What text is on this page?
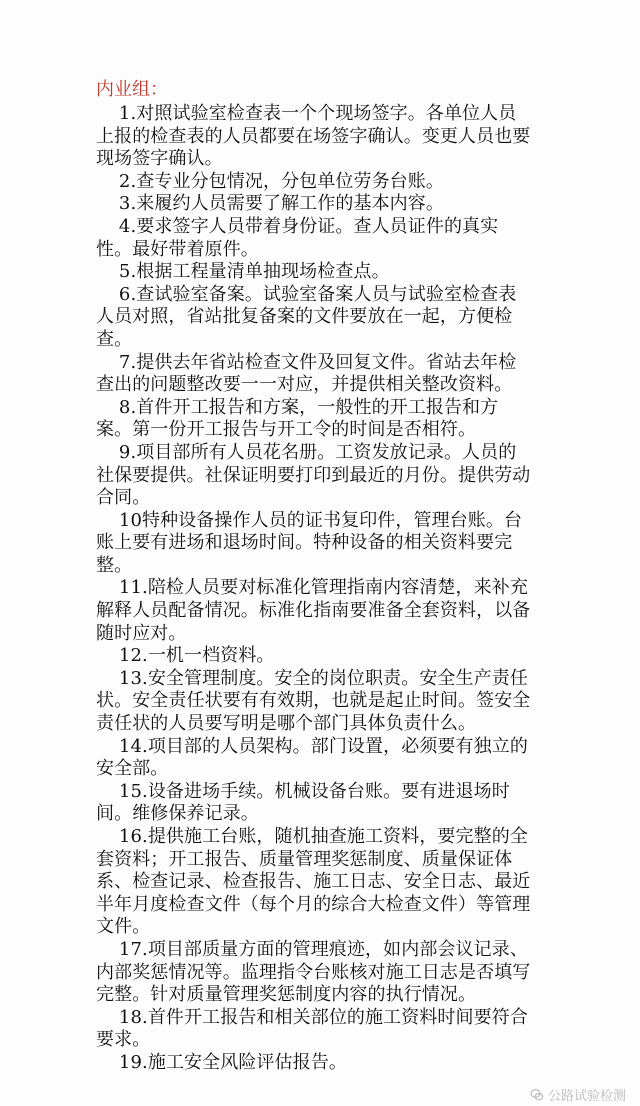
内业组：

1.对照试验室检查表一个个现场签字。各单位人员上报的检查表的人员都要在场签字确认。变更人员也要现场签字确认。

2.查专业分包情况，分包单位劳务台账。

3.来履约人员需要了解工作的基本内容。

4.要求签字人员带着身份证。查人员证件的真实性。最好带着原件。

5.根据工程量清单抽现场检查点。

6.查试验室备案。试验室备案人员与试验室检查表人员对照，省站批复备案的文件要放在一起，方便检查。

7.提供去年省站检查文件及回复文件。省站去年检查出的问题整改要一一对应，并提供相关整改资料。

8.首件开工报告和方案，一般性的开工报告和方案。第一份开工报告与开工令的时间是否相符。

9.项目部所有人员花名册。工资发放记录。人员的社保要提供。社保证明要打印到最近的月份。提供劳动合同。

10特种设备操作人员的证书复印件，管理台账。台账上要有进场和退场时间。特种设备的相关资料要完整。

11.陪检人员要对标准化管理指南内容清楚，来补充解释人员配备情况。标准化指南要准备全套资料，以备随时应对。

12.一机一档资料。

13.安全管理制度。安全的岗位职责。安全生产责任状。安全责任状要有有效期，也就是起止时间。签安全责任状的人员要写明是哪个部门具体负责什么。

14.项目部的人员架构。部门设置，必须要有独立的安全部。

15.设备进场手续。机械设备台账。要有进退场时间。维修保养记录。

16.提供施工台账，随机抽查施工资料，要完整的全套资料；开工报告、质量管理奖惩制度、质量保证体系、检查记录、检查报告、施工日志、安全日志、最近半年月度检查文件（每个月的综合大检查文件）等管理文件。

17.项目部质量方面的管理痕迹，如内部会议记录、内部奖惩情况等。监理指令台账核对施工日志是否填写完整。针对质量管理奖惩制度内容的执行情况。

18.首件开工报告和相关部位的施工资料时间要符合要求。

19.施工安全风险评估报告。

公路试验检测
